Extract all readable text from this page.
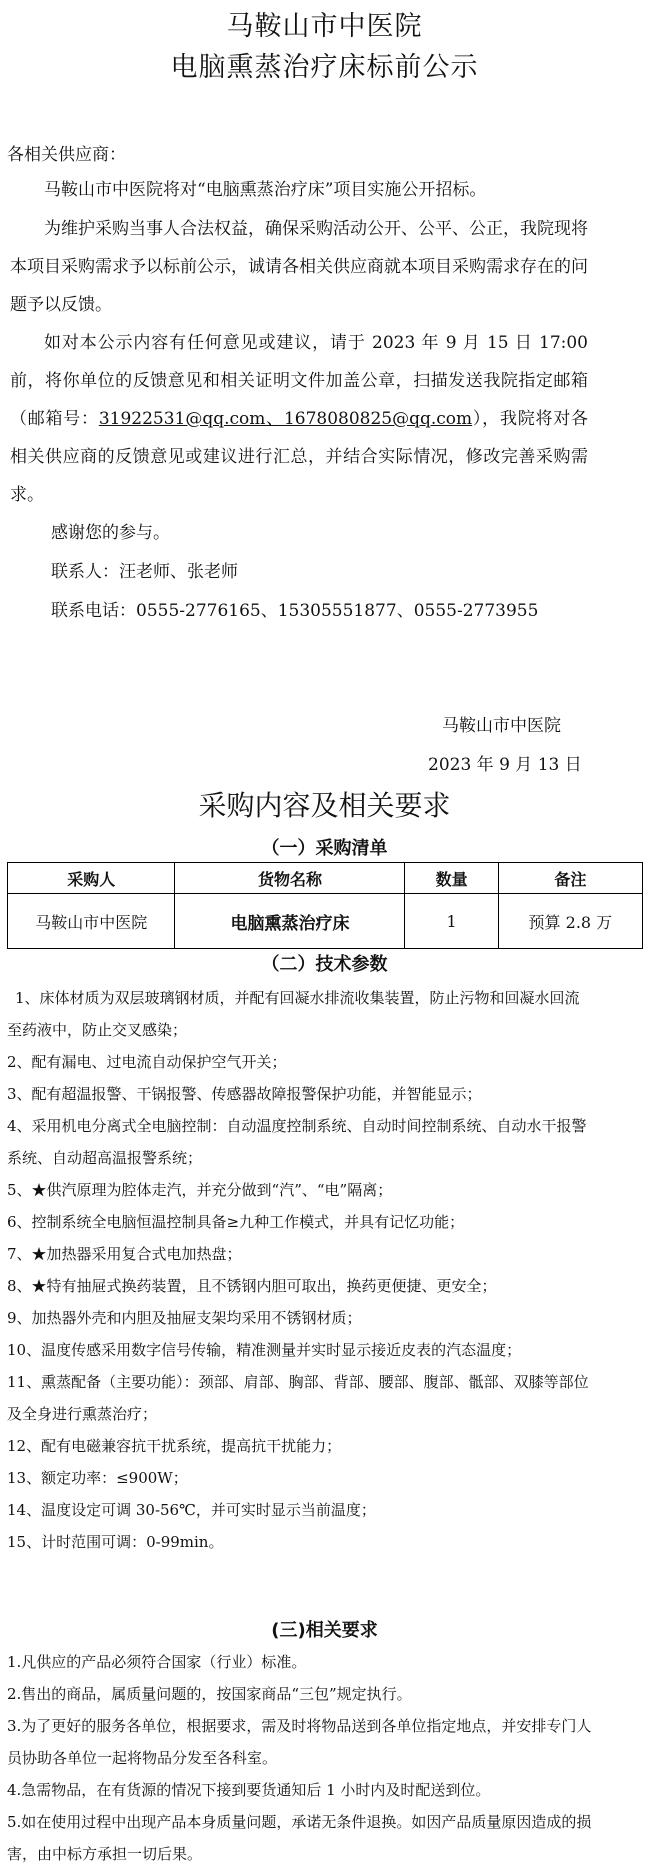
马鞍山市中医院
电脑熏蒸治疗床标前公示
各相关供应商：
马鞍山市中医院将对“电脑熏蒸治疗床”项目实施公开招标。
为维护采购当事人合法权益，确保采购活动公开、公平、公正，我院现将本项目采购需求予以标前公示，诚请各相关供应商就本项目采购需求存在的问题予以反馈。
如对本公示内容有任何意见或建议，请于 2023 年 9 月 15 日 17:00 前，将你单位的反馈意见和相关证明文件加盖公章，扫描发送我院指定邮箱（邮箱号：31922531@qq.com、1678080825@qq.com），我院将对各相关供应商的反馈意见或建议进行汇总，并结合实际情况，修改完善采购需求。
感谢您的参与。
联系人：汪老师、张老师
联系电话：0555-2776165、15305551877、0555-2773955
马鞍山市中医院
2023 年 9 月 13 日
采购内容及相关要求
（一）采购清单
采购人	货物名称	数量	备注
马鞍山市中医院	电脑熏蒸治疗床	1	预算 2.8 万
（二）技术参数
1、床体材质为双层玻璃钢材质，并配有回凝水排流收集装置，防止污物和回凝水回流至药液中，防止交叉感染；
2、配有漏电、过电流自动保护空气开关；
3、配有超温报警、干锅报警、传感器故障报警保护功能，并智能显示；
4、采用机电分离式全电脑控制：自动温度控制系统、自动时间控制系统、自动水干报警系统、自动超高温报警系统；
5、★供汽原理为腔体走汽，并充分做到“汽”、“电”隔离；
6、控制系统全电脑恒温控制具备≥九种工作模式，并具有记忆功能；
7、★加热器采用复合式电加热盘；
8、★特有抽屉式换药装置，且不锈钢内胆可取出，换药更便捷、更安全；
9、加热器外壳和内胆及抽屉支架均采用不锈钢材质；
10、温度传感采用数字信号传输，精准测量并实时显示接近皮表的汽态温度；
11、熏蒸配备（主要功能）：颈部、肩部、胸部、背部、腰部、腹部、骶部、双膝等部位及全身进行熏蒸治疗；
12、配有电磁兼容抗干扰系统，提高抗干扰能力；
13、额定功率：≤900W；
14、温度设定可调 30-56℃，并可实时显示当前温度；
15、计时范围可调：0-99min。
(三)相关要求
1.凡供应的产品必须符合国家（行业）标准。
2.售出的商品，属质量问题的，按国家商品“三包”规定执行。
3.为了更好的服务各单位，根据要求，需及时将物品送到各单位指定地点，并安排专门人员协助各单位一起将物品分发至各科室。
4.急需物品，在有货源的情况下接到要货通知后 1 小时内及时配送到位。
5.如在使用过程中出现产品本身质量问题，承诺无条件退换。如因产品质量原因造成的损害，由中标方承担一切后果。
